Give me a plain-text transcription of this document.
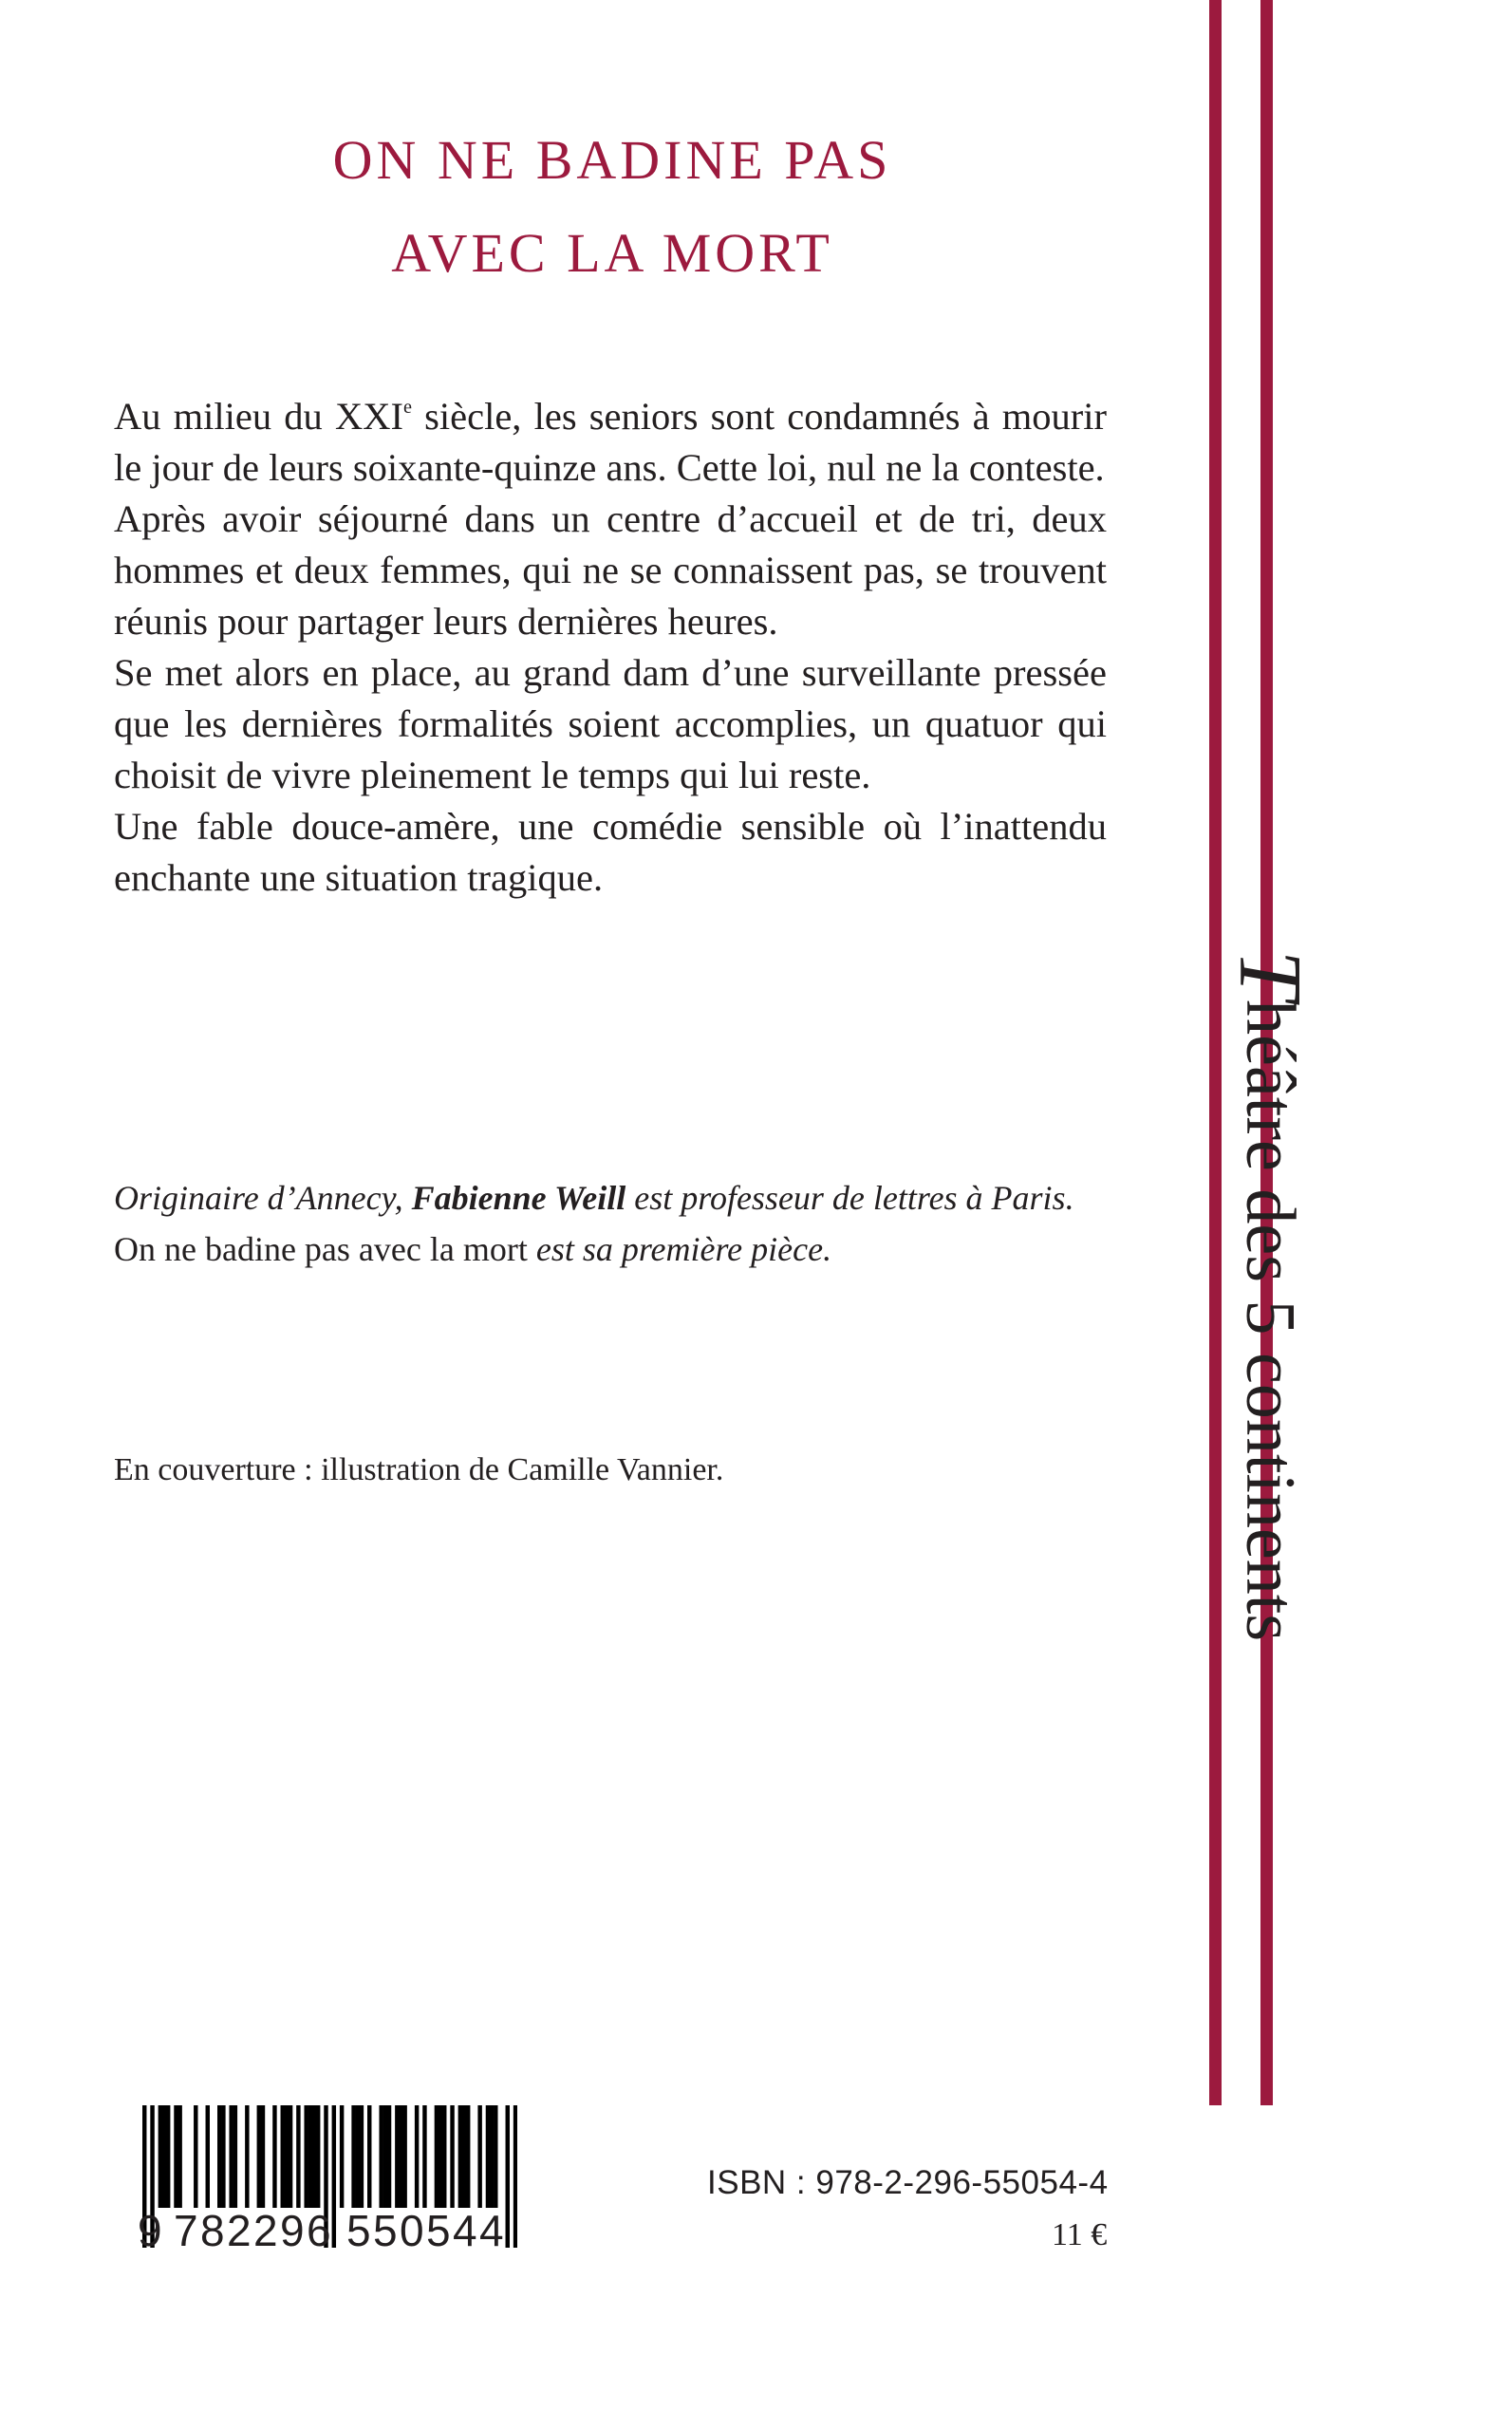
ON NE BADINE PAS
AVEC LA MORT

Au milieu du XXIe siècle, les seniors sont condamnés à mourir le jour de leurs soixante-quinze ans. Cette loi, nul ne la conteste.

Après avoir séjourné dans un centre d’accueil et de tri, deux hommes et deux femmes, qui ne se connaissent pas, se trouvent réunis pour partager leurs dernières heures.

Se met alors en place, au grand dam d’une surveillante pressée que les dernières formalités soient accomplies, un quatuor qui choisit de vivre pleinement le temps qui lui reste.

Une fable douce-amère, une comédie sensible où l’inattendu enchante une situation tragique.

Originaire d’Annecy, Fabienne Weill est professeur de lettres à Paris. On ne badine pas avec la mort est sa première pièce.

En couverture : illustration de Camille Vannier.

T
héâtre des 5 continents
9 7 8 2 2 9 6 5 5 0 5 4 4

ISBN : 978-2-296-55054-4

11 €
